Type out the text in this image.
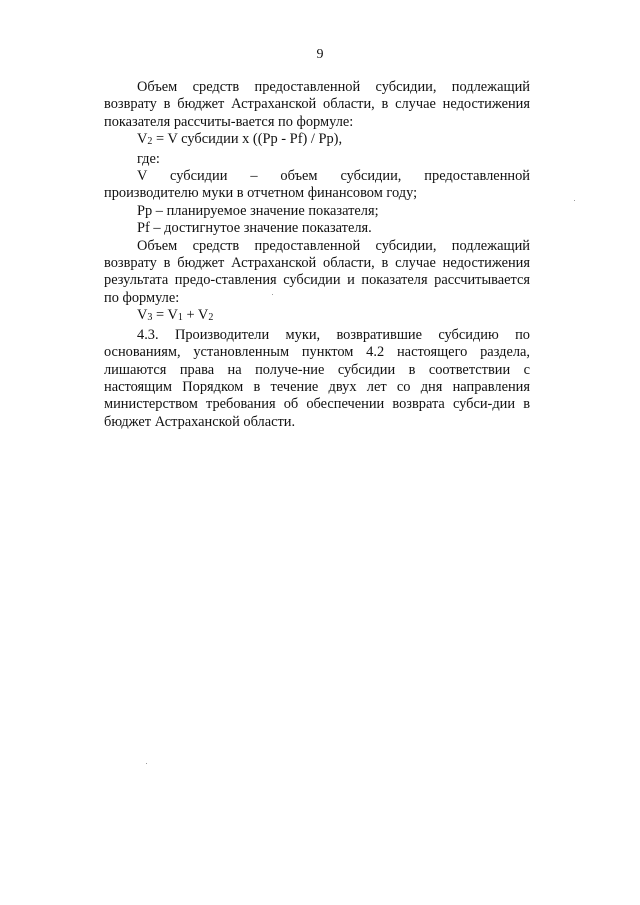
9

Объем средств предоставленной субсидии, подлежащий возврату в бюджет Астраханской области, в случае недостижения показателя рассчиты-вается по формуле:

$V_2 = V$ субсидии x ((Pp - Pf) / Pp),

где:

V субсидии – объем субсидии, предоставленной производителю муки в отчетном финансовом году;

Pp – планируемое значение показателя;

Pf – достигнутое значение показателя.

Объем средств предоставленной субсидии, подлежащий возврату в бюджет Астраханской области, в случае недостижения результата предо-ставления субсидии и показателя рассчитывается по формуле:

$V_3 = V_1 + V_2$

4.3. Производители муки, возвратившие субсидию по основаниям, установленным пунктом 4.2 настоящего раздела, лишаются права на получе-ние субсидии в соответствии с настоящим Порядком в течение двух лет со дня направления министерством требования об обеспечении возврата субси-дии в бюджет Астраханской области.
